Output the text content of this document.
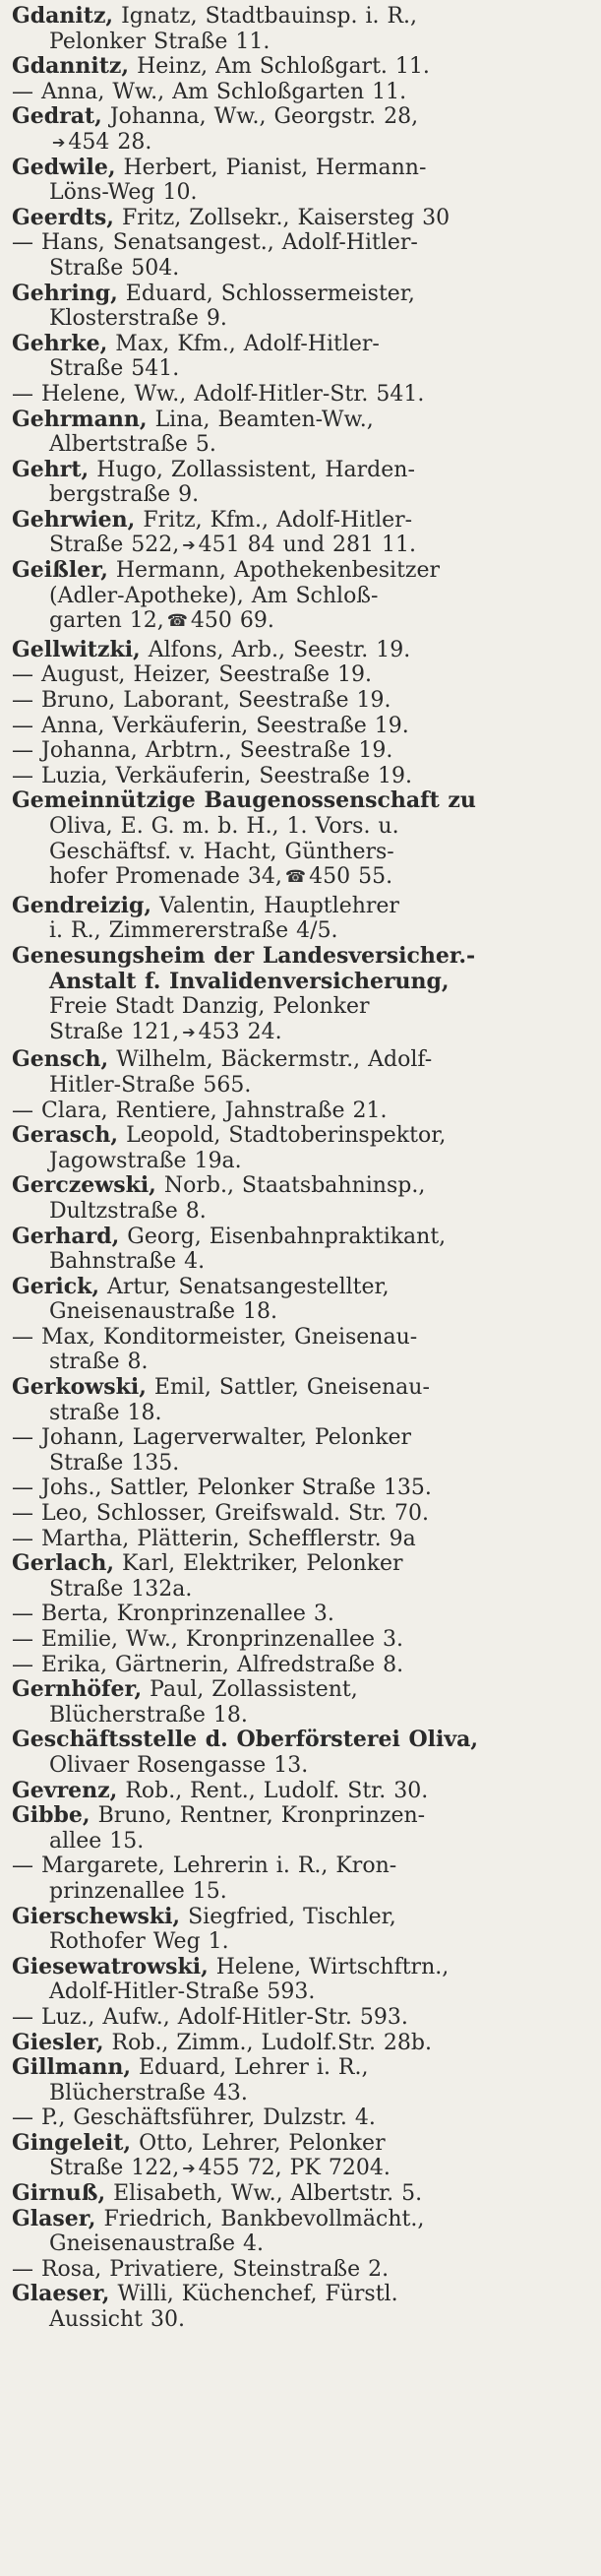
Gdanitz, Ignatz, Stadtbauinsp. i. R.,
Pelonker Straße 11.
Gdannitz, Heinz, Am Schloßgart. 11.
— Anna, Ww., Am Schloßgarten 11.
Gedrat, Johanna, Ww., Georgstr. 28,
➔ 454 28.
Gedwile, Herbert, Pianist, Hermann-
Löns-Weg 10.
Geerdts, Fritz, Zollsekr., Kaisersteg 30
— Hans, Senatsangest., Adolf-Hitler-
Straße 504.
Gehring, Eduard, Schlossermeister,
Klosterstraße 9.
Gehrke, Max, Kfm., Adolf-Hitler-
Straße 541.
— Helene, Ww., Adolf-Hitler-Str. 541.
Gehrmann, Lina, Beamten-Ww.,
Albertstraße 5.
Gehrt, Hugo, Zollassistent, Harden-
bergstraße 9.
Gehrwien, Fritz, Kfm., Adolf-Hitler-
Straße 522, ➔ 451 84 und 281 11.
Geißler, Hermann, Apothekenbesitzer
(Adler-Apotheke), Am Schloß-
garten 12, ☎ 450 69.
Gellwitzki, Alfons, Arb., Seestr. 19.
— August, Heizer, Seestraße 19.
— Bruno, Laborant, Seestraße 19.
— Anna, Verkäuferin, Seestraße 19.
— Johanna, Arbtrn., Seestraße 19.
— Luzia, Verkäuferin, Seestraße 19.
Gemeinnützige Baugenossenschaft zu
Oliva, E. G. m. b. H., 1. Vors. u.
Geschäftsf. v. Hacht, Günthers-
hofer Promenade 34, ☎ 450 55.
Gendreizig, Valentin, Hauptlehrer
i. R., Zimmererstraße 4/5.
Genesungsheim der Landesversicher.-
Anstalt f. Invalidenversicherung,
Freie Stadt Danzig, Pelonker
Straße 121, ➔ 453 24.
Gensch, Wilhelm, Bäckermstr., Adolf-
Hitler-Straße 565.
— Clara, Rentiere, Jahnstraße 21.
Gerasch, Leopold, Stadtoberinspektor,
Jagowstraße 19a.
Gerczewski, Norb., Staatsbahninsp.,
Dultzstraße 8.
Gerhard, Georg, Eisenbahnpraktikant,
Bahnstraße 4.
Gerick, Artur, Senatsangestellter,
Gneisenaustraße 18.
— Max, Konditormeister, Gneisenau-
straße 8.
Gerkowski, Emil, Sattler, Gneisenau-
straße 18.
— Johann, Lagerverwalter, Pelonker
Straße 135.
— Johs., Sattler, Pelonker Straße 135.
— Leo, Schlosser, Greifswald. Str. 70.
— Martha, Plätterin, Schefflerstr. 9a
Gerlach, Karl, Elektriker, Pelonker
Straße 132a.
— Berta, Kronprinzenallee 3.
— Emilie, Ww., Kronprinzenallee 3.
— Erika, Gärtnerin, Alfredstraße 8.
Gernhöfer, Paul, Zollassistent,
Blücherstraße 18.
Geschäftsstelle d. Oberförsterei Oliva,
Olivaer Rosengasse 13.
Gevrenz, Rob., Rent., Ludolf. Str. 30.
Gibbe, Bruno, Rentner, Kronprinzen-
allee 15.
— Margarete, Lehrerin i. R., Kron-
prinzenallee 15.
Gierschewski, Siegfried, Tischler,
Rothofer Weg 1.
Giesewatrowski, Helene, Wirtschftrn.,
Adolf-Hitler-Straße 593.
— Luz., Aufw., Adolf-Hitler-Str. 593.
Giesler, Rob., Zimm., Ludolf.Str. 28b.
Gillmann, Eduard, Lehrer i. R.,
Blücherstraße 43.
— P., Geschäftsführer, Dulzstr. 4.
Gingeleit, Otto, Lehrer, Pelonker
Straße 122, ➔ 455 72, PK 7204.
Girnuß, Elisabeth, Ww., Albertstr. 5.
Glaser, Friedrich, Bankbevollmächt.,
Gneisenaustraße 4.
— Rosa, Privatiere, Steinstraße 2.
Glaeser, Willi, Küchenchef, Fürstl.
Aussicht 30.
